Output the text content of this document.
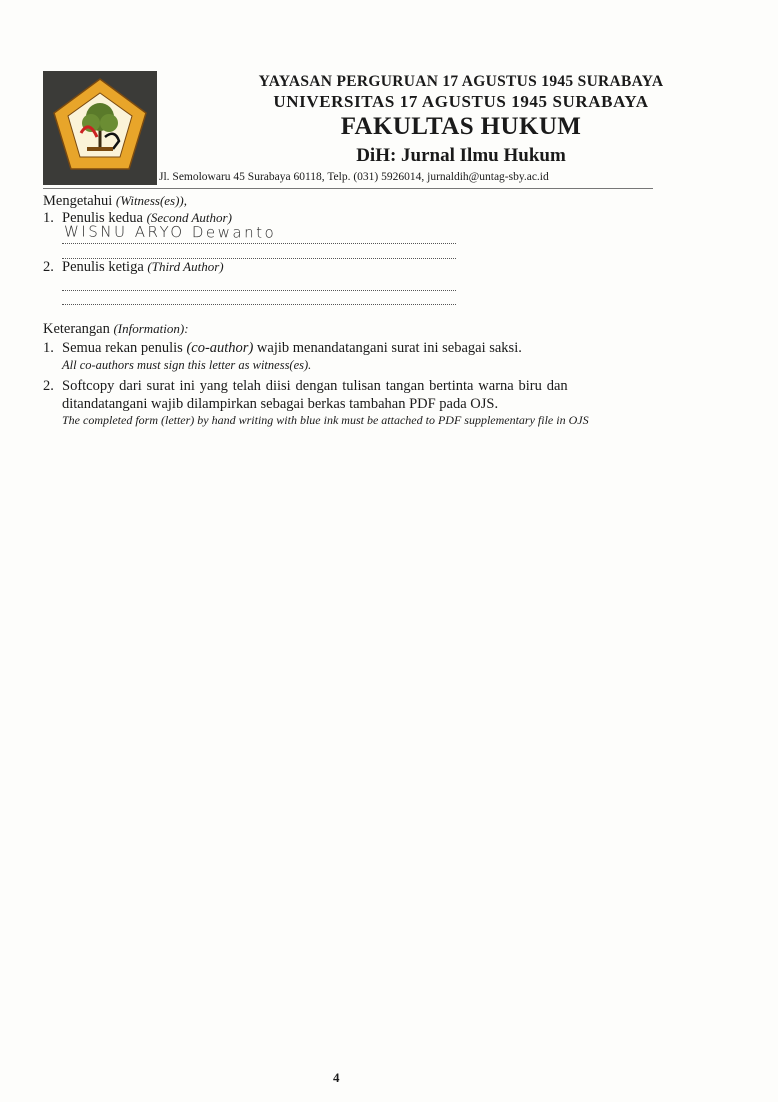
YAYASAN PERGURUAN 17 AGUSTUS 1945 SURABAYA
UNIVERSITAS 17 AGUSTUS 1945 SURABAYA
FAKULTAS HUKUM
DiH: Jurnal Ilmu Hukum
Jl. Semolowaru 45 Surabaya 60118, Telp. (031) 5926014, jurnaldih@untag-sby.ac.id
Mengetahui (Witness(es)),
1. Penulis kedua (Second Author)
WISNU ARYO Dewanto
2. Penulis ketiga (Third Author)
Keterangan (Information):
1. Semua rekan penulis (co-author) wajib menandatangani surat ini sebagai saksi.
All co-authors must sign this letter as witness(es).
2. Softcopy dari surat ini yang telah diisi dengan tulisan tangan bertinta warna biru dan
ditandatangani wajib dilampirkan sebagai berkas tambahan PDF pada OJS.
The completed form (letter) by hand writing with blue ink must be attached to PDF supplementary file in OJS
4
